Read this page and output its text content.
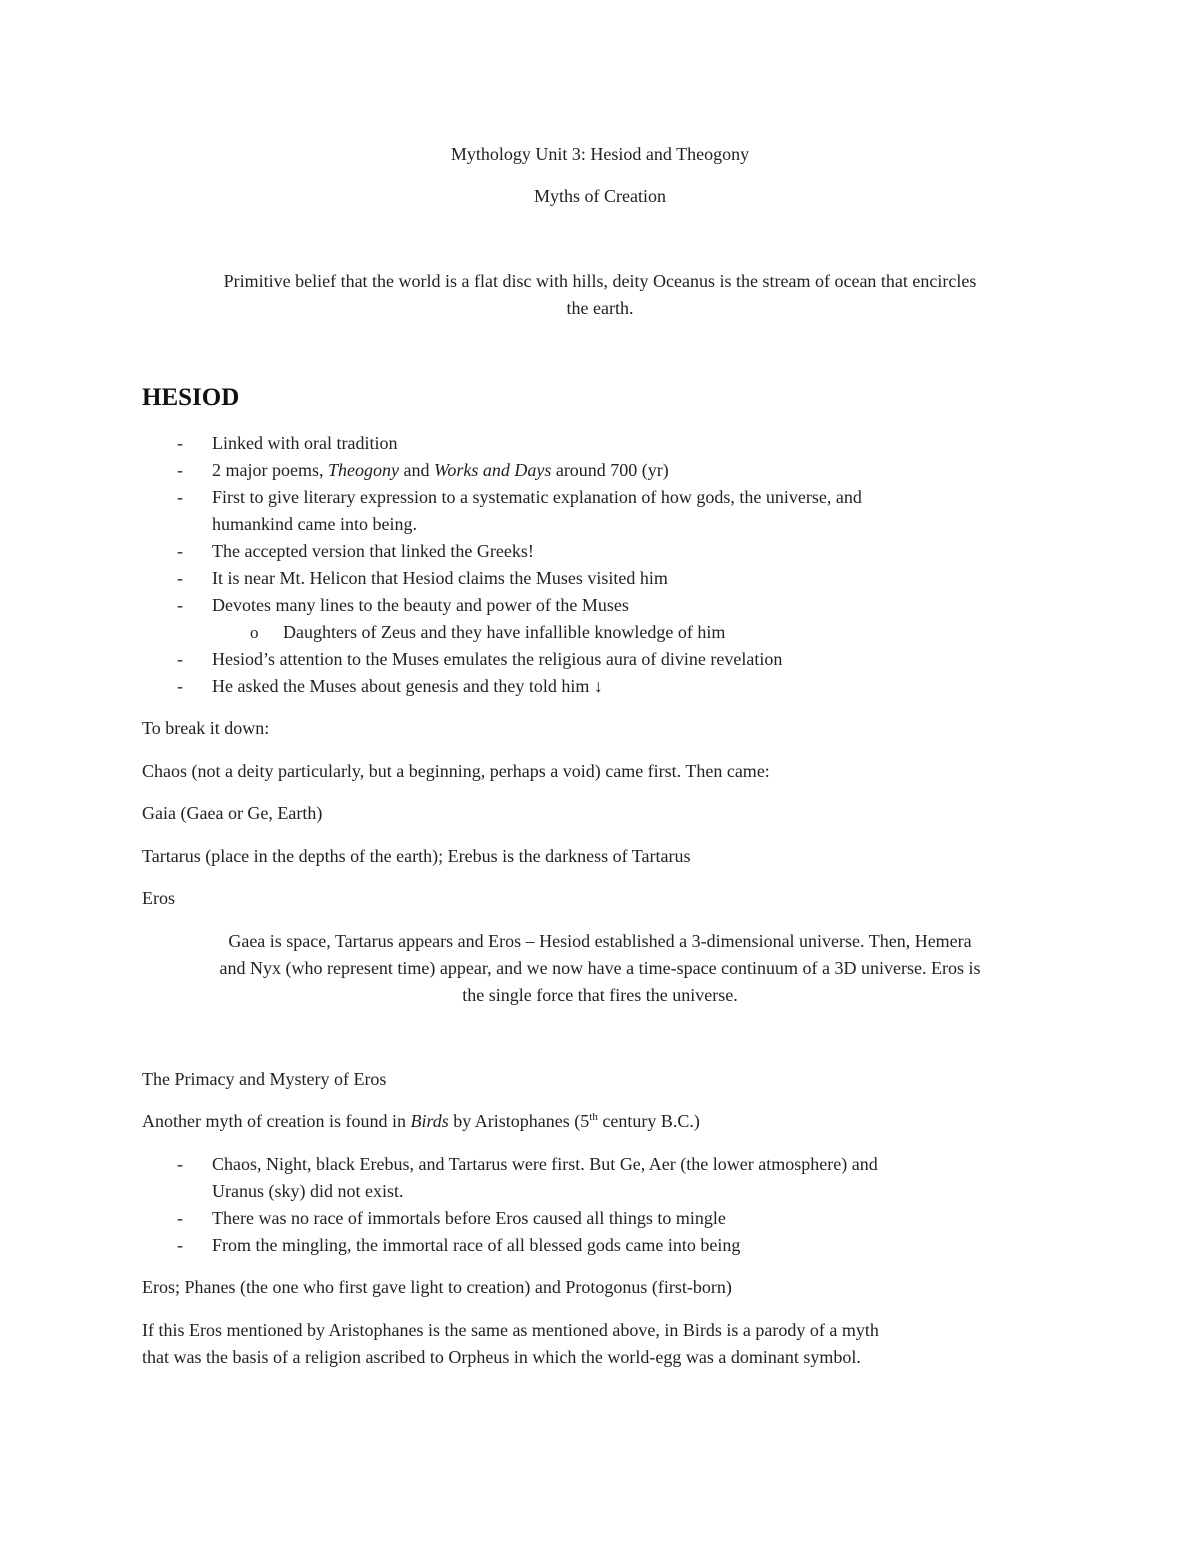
Mythology Unit 3: Hesiod and Theogony
Myths of Creation
Primitive belief that the world is a flat disc with hills, deity Oceanus is the stream of ocean that encircles
the earth.
HESIOD
- Linked with oral tradition
- 2 major poems, Theogony and Works and Days around 700 (yr)
- First to give literary expression to a systematic explanation of how gods, the universe, and
humankind came into being.
- The accepted version that linked the Greeks!
- It is near Mt. Helicon that Hesiod claims the Muses visited him
- Devotes many lines to the beauty and power of the Muses
o Daughters of Zeus and they have infallible knowledge of him
- Hesiod’s attention to the Muses emulates the religious aura of divine revelation
- He asked the Muses about genesis and they told him ↓
To break it down:
Chaos (not a deity particularly, but a beginning, perhaps a void) came first. Then came:
Gaia (Gaea or Ge, Earth)
Tartarus (place in the depths of the earth); Erebus is the darkness of Tartarus
Eros
Gaea is space, Tartarus appears and Eros – Hesiod established a 3-dimensional universe. Then, Hemera
and Nyx (who represent time) appear, and we now have a time-space continuum of a 3D universe. Eros is
the single force that fires the universe.
The Primacy and Mystery of Eros
Another myth of creation is found in Birds by Aristophanes (5th century B.C.)
- Chaos, Night, black Erebus, and Tartarus were first. But Ge, Aer (the lower atmosphere) and
Uranus (sky) did not exist.
- There was no race of immortals before Eros caused all things to mingle
- From the mingling, the immortal race of all blessed gods came into being
Eros; Phanes (the one who first gave light to creation) and Protogonus (first-born)
If this Eros mentioned by Aristophanes is the same as mentioned above, in Birds is a parody of a myth
that was the basis of a religion ascribed to Orpheus in which the world-egg was a dominant symbol.
